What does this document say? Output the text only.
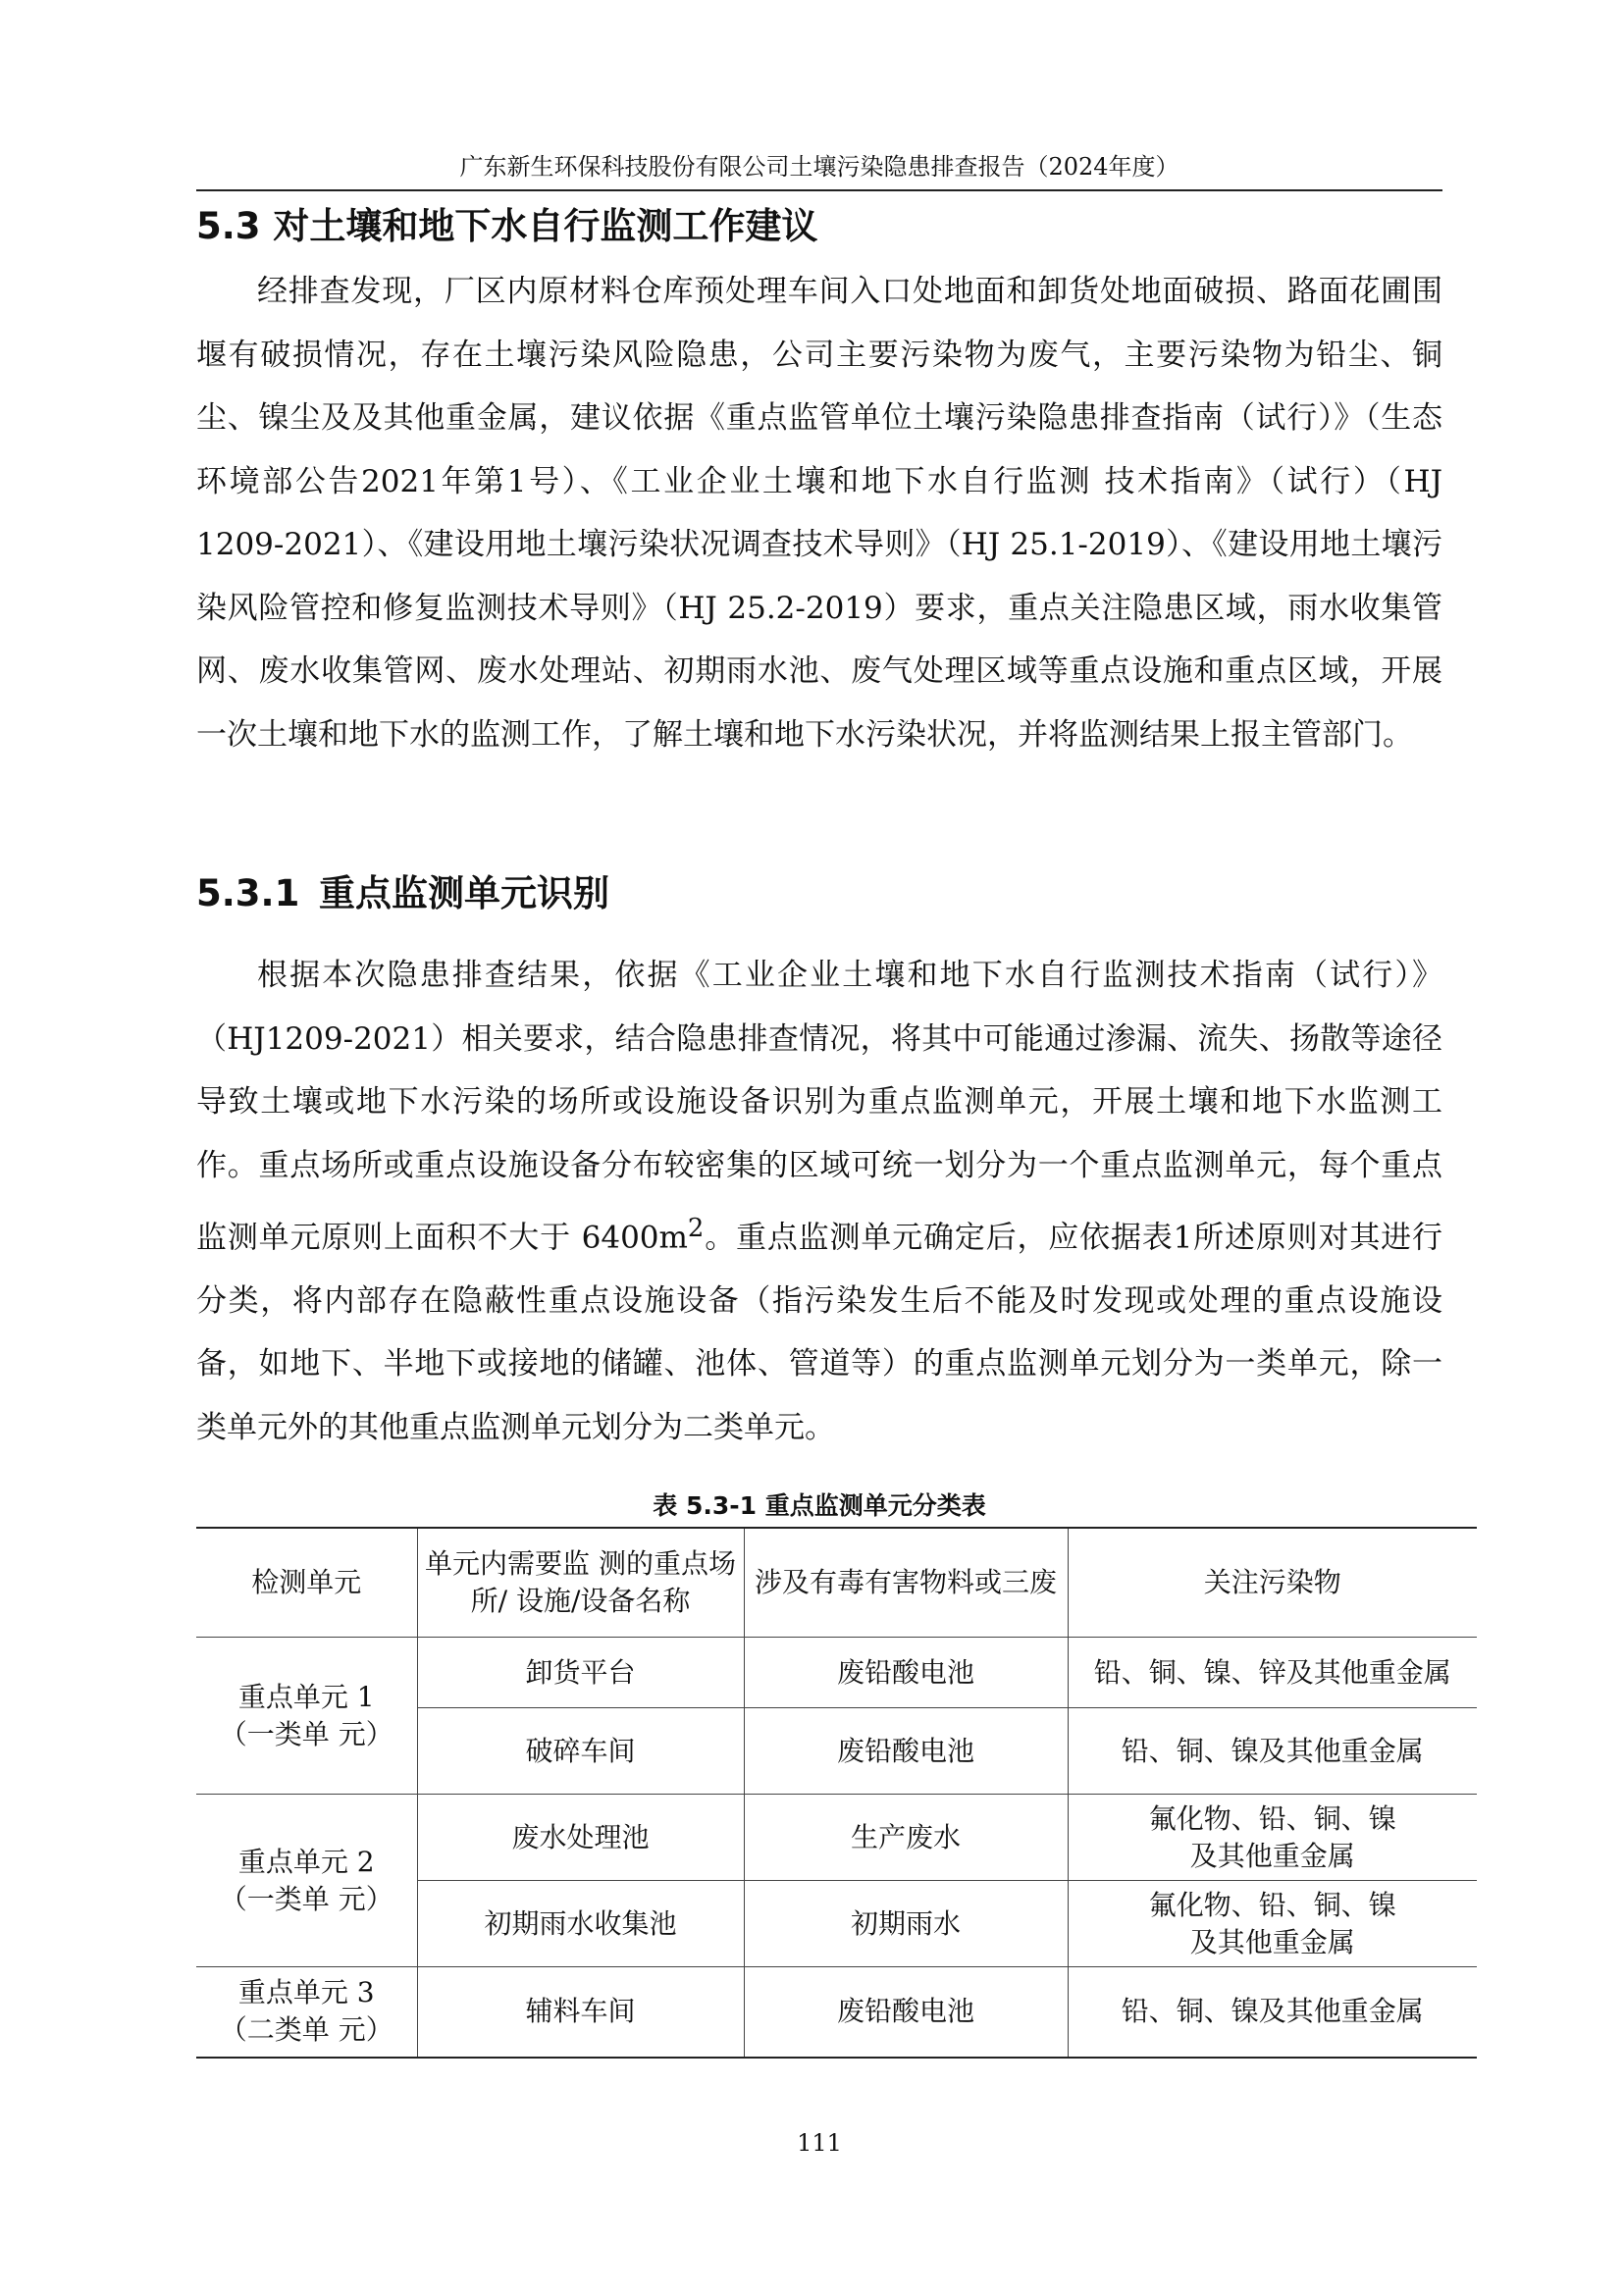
广东新生环保科技股份有限公司土壤污染隐患排查报告（2024年度）
5.3 对土壤和地下水自行监测工作建议

经排查发现，厂区内原材料仓库预处理车间入口处地面和卸货处地面破损、路面花圃围堰有破损情况，存在土壤污染风险隐患，公司主要污染物为废气，主要污染物为铅尘、铜尘、镍尘及及其他重金属，建议依据《重点监管单位土壤污染隐患排查指南（试行）》（生态环境部公告2021年第1号）、《工业企业土壤和地下水自行监测 技术指南》（试行）（HJ 1209-2021）、《建设用地土壤污染状况调查技术导则》（HJ 25.1-2019）、《建设用地土壤污染风险管控和修复监测技术导则》（HJ 25.2-2019）要求，重点关注隐患区域，雨水收集管网、废水收集管网、废水处理站、初期雨水池、废气处理区域等重点设施和重点区域，开展一次土壤和地下水的监测工作，了解土壤和地下水污染状况，并将监测结果上报主管部门。

5.3.1 重点监测单元识别

根据本次隐患排查结果，依据《工业企业土壤和地下水自行监测技术指南（试行）》（HJ1209-2021）相关要求，结合隐患排查情况，将其中可能通过渗漏、流失、扬散等途径导致土壤或地下水污染的场所或设施设备识别为重点监测单元，开展土壤和地下水监测工作。重点场所或重点设施设备分布较密集的区域可统一划分为一个重点监测单元，每个重点监测单元原则上面积不大于 $6400m^2$。重点监测单元确定后，应依据表1所述原则对其进行分类，将内部存在隐蔽性重点设施设备（指污染发生后不能及时发现或处理的重点设施设备，如地下、半地下或接地的储罐、池体、管道等）的重点监测单元划分为一类单元，除一类单元外的其他重点监测单元划分为二类单元。

表 5.3-1 重点监测单元分类表
检测单元	单元内需要监 测的重点场所/ 设施/设备名称	涉及有毒有害物料或三废	关注污染物

重点单元 1
（一类单 元）	卸货平台	废铅酸电池	铅、铜、镍、锌及其他重金属
	破碎车间	废铅酸电池	铅、铜、镍及其他重金属

重点单元 2
（一类单 元）	废水处理池	生产废水	氟化物、铅、铜、镍及其他重金属
	初期雨水收集池	初期雨水	氟化物、铅、铜、镍及其他重金属

重点单元 3
（二类单 元）	辅料车间	废铅酸电池	铅、铜、镍及其他重金属
111
